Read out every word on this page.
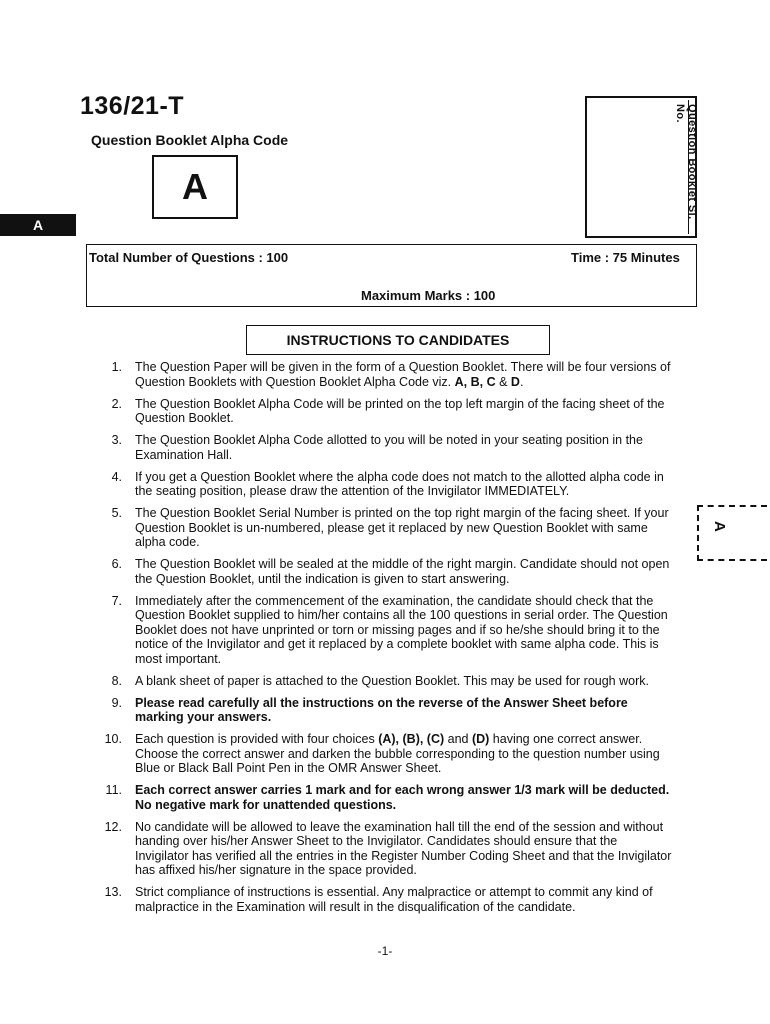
136/21-T
Question Booklet Alpha Code
A
A
Question Booklet Sl. No.
Total Number of Questions : 100	Time : 75 Minutes
Maximum Marks : 100
INSTRUCTIONS TO CANDIDATES
A
1. The Question Paper will be given in the form of a Question Booklet. There will be four versions of Question Booklets with Question Booklet Alpha Code viz. A, B, C & D.
2. The Question Booklet Alpha Code will be printed on the top left margin of the facing sheet of the Question Booklet.
3. The Question Booklet Alpha Code allotted to you will be noted in your seating position in the Examination Hall.
4. If you get a Question Booklet where the alpha code does not match to the allotted alpha code in the seating position, please draw the attention of the Invigilator IMMEDIATELY.
5. The Question Booklet Serial Number is printed on the top right margin of the facing sheet. If your Question Booklet is un-numbered, please get it replaced by new Question Booklet with same alpha code.
6. The Question Booklet will be sealed at the middle of the right margin. Candidate should not open the Question Booklet, until the indication is given to start answering.
7. Immediately after the commencement of the examination, the candidate should check that the Question Booklet supplied to him/her contains all the 100 questions in serial order. The Question Booklet does not have unprinted or torn or missing pages and if so he/she should bring it to the notice of the Invigilator and get it replaced by a complete booklet with same alpha code. This is most important.
8. A blank sheet of paper is attached to the Question Booklet. This may be used for rough work.
9. Please read carefully all the instructions on the reverse of the Answer Sheet before marking your answers.
10. Each question is provided with four choices (A), (B), (C) and (D) having one correct answer. Choose the correct answer and darken the bubble corresponding to the question number using Blue or Black Ball Point Pen in the OMR Answer Sheet.
11. Each correct answer carries 1 mark and for each wrong answer 1/3 mark will be deducted. No negative mark for unattended questions.
12. No candidate will be allowed to leave the examination hall till the end of the session and without handing over his/her Answer Sheet to the Invigilator. Candidates should ensure that the Invigilator has verified all the entries in the Register Number Coding Sheet and that the Invigilator has affixed his/her signature in the space provided.
13. Strict compliance of instructions is essential. Any malpractice or attempt to commit any kind of malpractice in the Examination will result in the disqualification of the candidate.
-1-
